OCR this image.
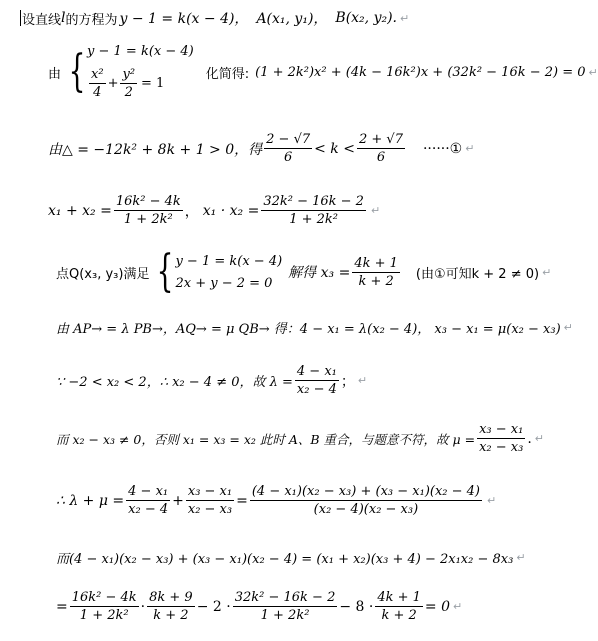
设直线 l 的方程为 y − 1 = k(x − 4)， A(x₁, y₁)， B(x₂, y₂). ↵
由 { y − 1 = k(x − 4)
$\frac{\text{x²}}{4} + \frac{\text{y²}}{2} = 1$
化简得: (1 + 2k²)x² + (4k − 16k²)x + (32k² − 16k − 2) = 0 ↵
由△ = −12k² + 8k + 1 > 0，得 $\frac{2 - √7}{6} < k < \frac{2 + √7}{6}$ ······① ↵
$x_1 + x_2 = \frac{\text{16k² − 4k}}{\text{1 + 2k²}}$ ， $x_1 \cdot x_2 = \frac{\text{32k² − 16k − 2}}{\text{1 + 2k²}}$ ↵
点Q(x₃, y₃)满足 { y − 1 = k(x − 4)
2x + y − 2 = 0
解得 $x_3 = \frac{4k + 1}{k + 2}$ (由①可知k + 2 ≠ 0) ↵
由 AP→ = λ PB→，AQ→ = μ QB→ 得：4 − x₁ = λ(x₂ − 4)， x₃ − x₁ = μ(x₂ − x₃) ↵
∵ −2 < x₂ < 2，∴ x₂ − 4 ≠ 0，故 $\lambda = \frac{\text{4 − x₁}}{\text{x₂ − 4}}$ ； ↵
而 x₂ − x₃ ≠ 0，否则 x₁ = x₃ = x₂ 此时 A、B 重合，与题意不符，故 $\mu = \frac{\text{x₃ − x₁}}{\text{x₂ − x₃}}$ . ↵
∴ $\lambda + \mu = \frac{\text{4 − x₁}}{\text{x₂ − 4}} + \frac{\text{x₃ − x₁}}{\text{x₂ − x₃}} = \frac{\text{(4 − x₁)(x₂ − x₃) + (x₃ − x₁)(x₂ − 4)}}{\text{(x₂ − 4)(x₂ − x₃)}}$ ↵
而(4 − x₁)(x₂ − x₃) + (x₃ − x₁)(x₂ − 4) = (x₁ + x₂)(x₃ + 4) − 2x₁x₂ − 8x₃ ↵
= $\frac{\text{16k² − 4k}}{\text{1 + 2k²}} \cdot \frac{8k + 9}{k + 2} - 2 \cdot \frac{\text{32k² − 16k − 2}}{\text{1 + 2k²}} - 8 \cdot \frac{4k + 1}{k + 2} = 0$ ↵
